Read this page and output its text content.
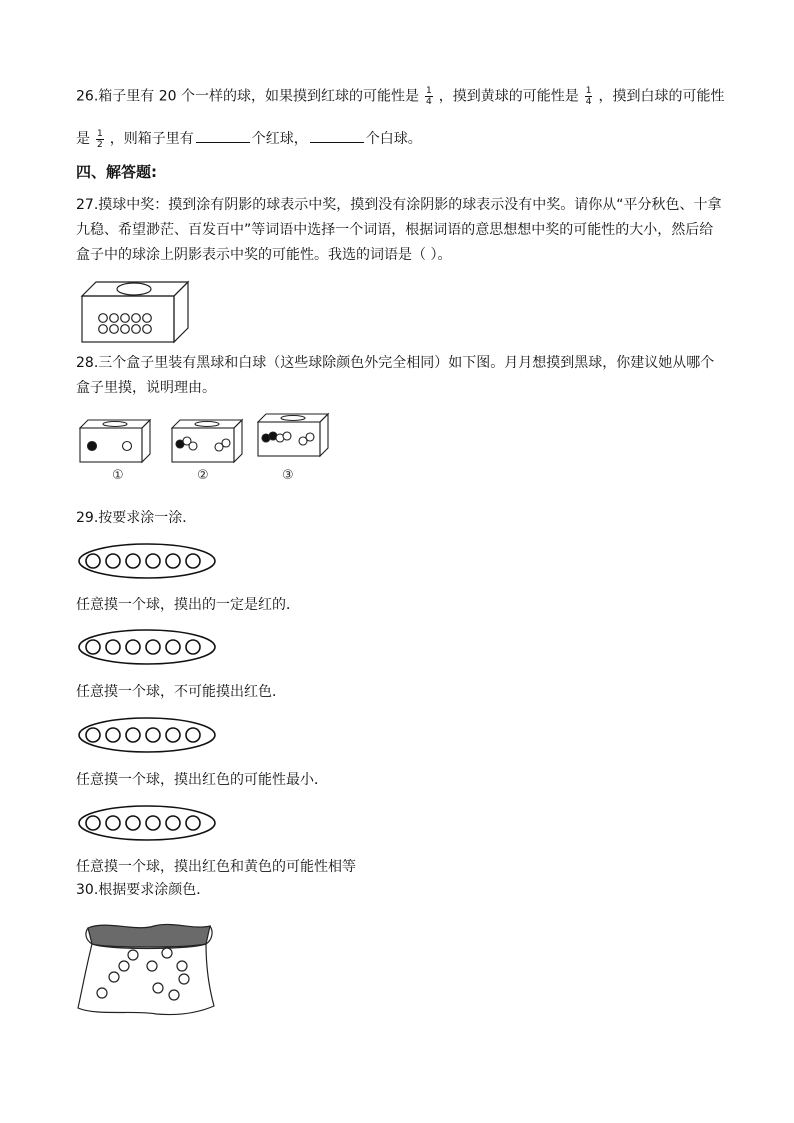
26.箱子里有 20 个一样的球，如果摸到红球的可能性是 $\frac{1}{4}$ ，摸到黄球的可能性是 $\frac{1}{4}$ ，摸到白球的可能性
是 $\frac{1}{2}$ ，则箱子里有	个红球，	个白球。
四、解答题:
27.摸球中奖：摸到涂有阴影的球表示中奖，摸到没有涂阴影的球表示没有中奖。请你从“平分秋色、十拿
九稳、希望渺茫、百发百中”等词语中选择一个词语，根据词语的意思想想中奖的可能性的大小，然后给
盒子中的球涂上阴影表示中奖的可能性。我选的词语是（ ）。
28.三个盒子里装有黑球和白球（这些球除颜色外完全相同）如下图。月月想摸到黑球，你建议她从哪个
盒子里摸，说明理由。
①	②	③
29.按要求涂一涂．
任意摸一个球，摸出的一定是红的．
任意摸一个球，不可能摸出红色．
任意摸一个球，摸出红色的可能性最小．
任意摸一个球，摸出红色和黄色的可能性相等
30.根据要求涂颜色．
